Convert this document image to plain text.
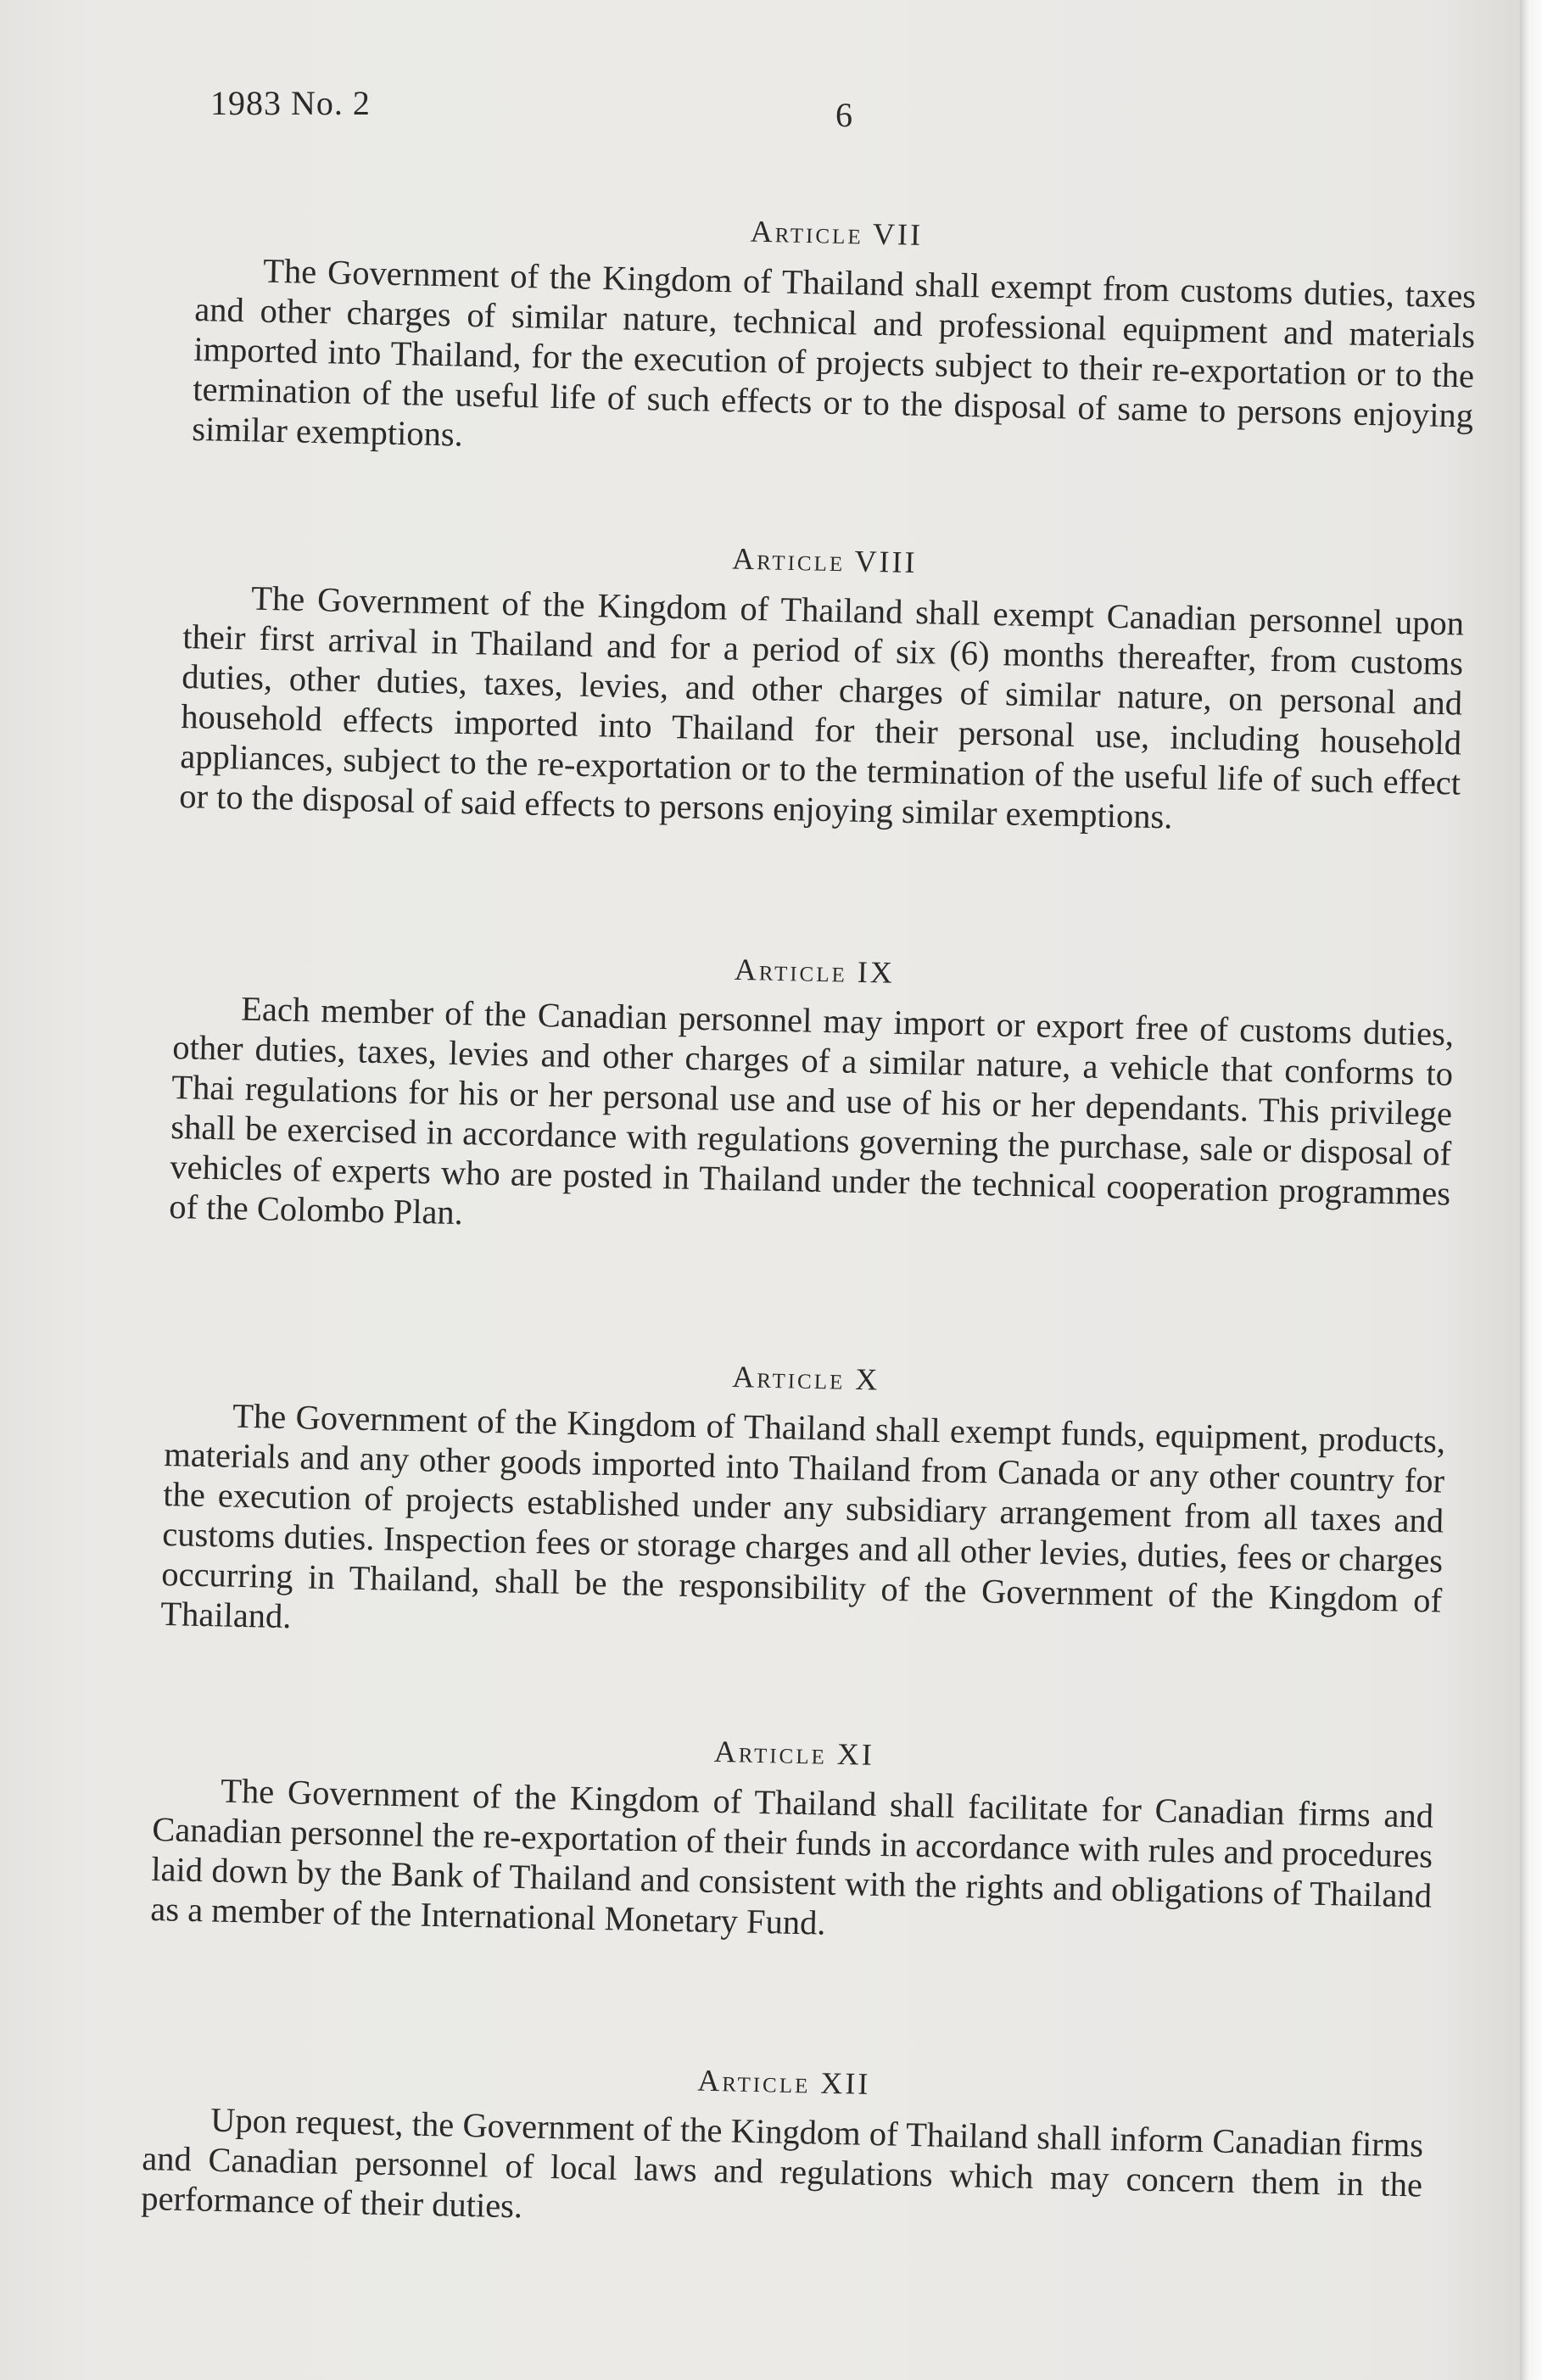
1983 No. 2	6
Article VII

The Government of the Kingdom of Thailand shall exempt from customs duties, taxes and other charges of similar nature, technical and professional equipment and materials imported into Thailand, for the execution of projects subject to their re-exportation or to the termination of the useful life of such effects or to the disposal of same to persons enjoying similar exemptions.

Article VIII

The Government of the Kingdom of Thailand shall exempt Canadian personnel upon their first arrival in Thailand and for a period of six (6) months thereafter, from customs duties, other duties, taxes, levies, and other charges of similar nature, on personal and household effects imported into Thailand for their personal use, including household appliances, subject to the re-exportation or to the termination of the useful life of such effect or to the disposal of said effects to persons enjoying similar exemptions.

Article IX

Each member of the Canadian personnel may import or export free of customs duties, other duties, taxes, levies and other charges of a similar nature, a vehicle that conforms to Thai regulations for his or her personal use and use of his or her dependants. This privilege shall be exercised in accordance with regulations governing the purchase, sale or disposal of vehicles of experts who are posted in Thailand under the technical cooperation programmes of the Colombo Plan.

Article X

The Government of the Kingdom of Thailand shall exempt funds, equipment, products, materials and any other goods imported into Thailand from Canada or any other country for the execution of projects established under any subsidiary arrangement from all taxes and customs duties. Inspection fees or storage charges and all other levies, duties, fees or charges occurring in Thailand, shall be the responsibility of the Government of the Kingdom of Thailand.

Article XI

The Government of the Kingdom of Thailand shall facilitate for Canadian firms and Canadian personnel the re-exportation of their funds in accordance with rules and procedures laid down by the Bank of Thailand and consistent with the rights and obligations of Thailand as a member of the International Monetary Fund.

Article XII

Upon request, the Government of the Kingdom of Thailand shall inform Canadian firms and Canadian personnel of local laws and regulations which may concern them in the performance of their duties.
